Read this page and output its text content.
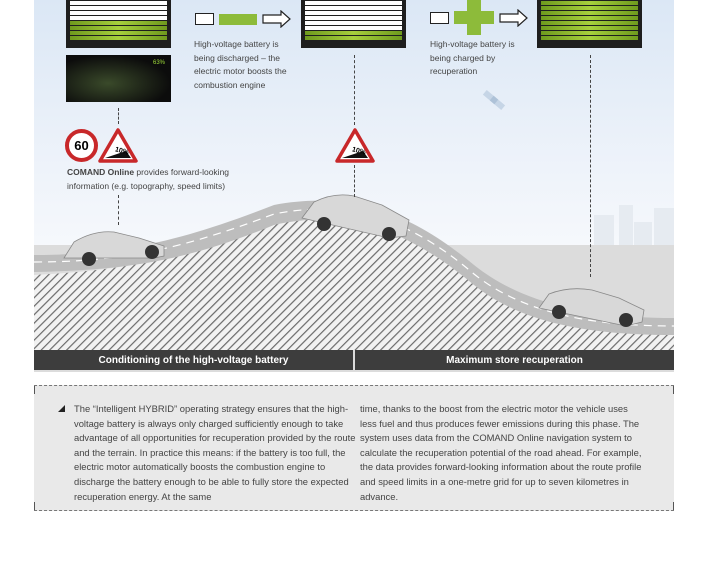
63%
High-voltage battery is being discharged – the electric motor boosts the combustion engine
High-voltage battery is being charged by recuperation
60	10%	10%
COMAND Online provides forward-looking information (e.g. topography, speed limits)
Conditioning of the high-voltage battery	Maximum store recuperation
The “Intelligent HYBRID” operating strategy ensures that the high-voltage battery is always only charged sufficiently enough to take advantage of all opportunities for recuperation provided by the route and the terrain. In practice this means: if the battery is too full, the electric motor automatically boosts the combustion engine to discharge the battery enough to be able to fully store the expected recuperation energy. At the same
time, thanks to the boost from the electric motor the vehicle uses less fuel and thus produces fewer emissions during this phase. The system uses data from the COMAND Online navigation system to calculate the recuperation potential of the road ahead. For example, the data provides forward-looking information about the route profile and speed limits in a one-metre grid for up to seven kilometres in advance.
